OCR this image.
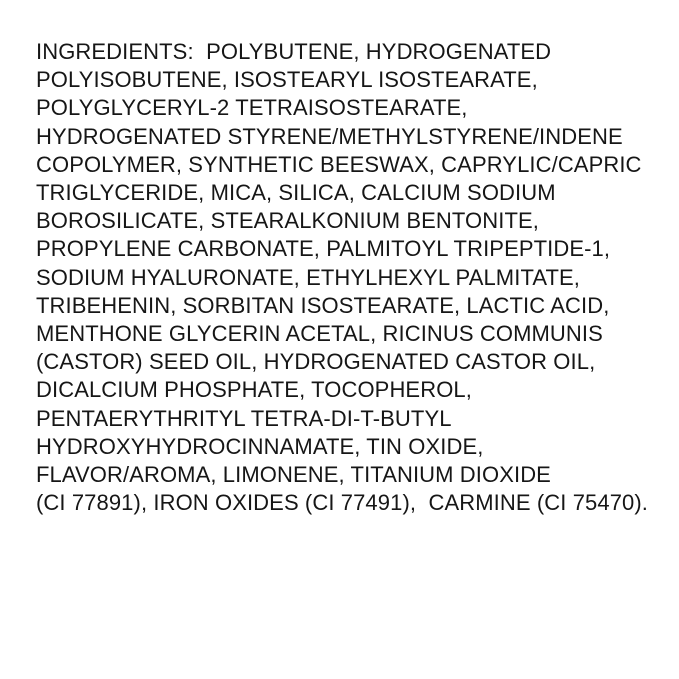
INGREDIENTS:  POLYBUTENE, HYDROGENATED
POLYISOBUTENE, ISOSTEARYL ISOSTEARATE,
POLYGLYCERYL-2 TETRAISOSTEARATE,
HYDROGENATED STYRENE/METHYLSTYRENE/INDENE
COPOLYMER, SYNTHETIC BEESWAX, CAPRYLIC/CAPRIC
TRIGLYCERIDE, MICA, SILICA, CALCIUM SODIUM
BOROSILICATE, STEARALKONIUM BENTONITE,
PROPYLENE CARBONATE, PALMITOYL TRIPEPTIDE-1,
SODIUM HYALURONATE, ETHYLHEXYL PALMITATE,
TRIBEHENIN, SORBITAN ISOSTEARATE, LACTIC ACID,
MENTHONE GLYCERIN ACETAL, RICINUS COMMUNIS
(CASTOR) SEED OIL, HYDROGENATED CASTOR OIL,
DICALCIUM PHOSPHATE, TOCOPHEROL,
PENTAERYTHRITYL TETRA-DI-T-BUTYL
HYDROXYHYDROCINNAMATE, TIN OXIDE,
FLAVOR/AROMA, LIMONENE, TITANIUM DIOXIDE
(CI 77891), IRON OXIDES (CI 77491),  CARMINE (CI 75470).
